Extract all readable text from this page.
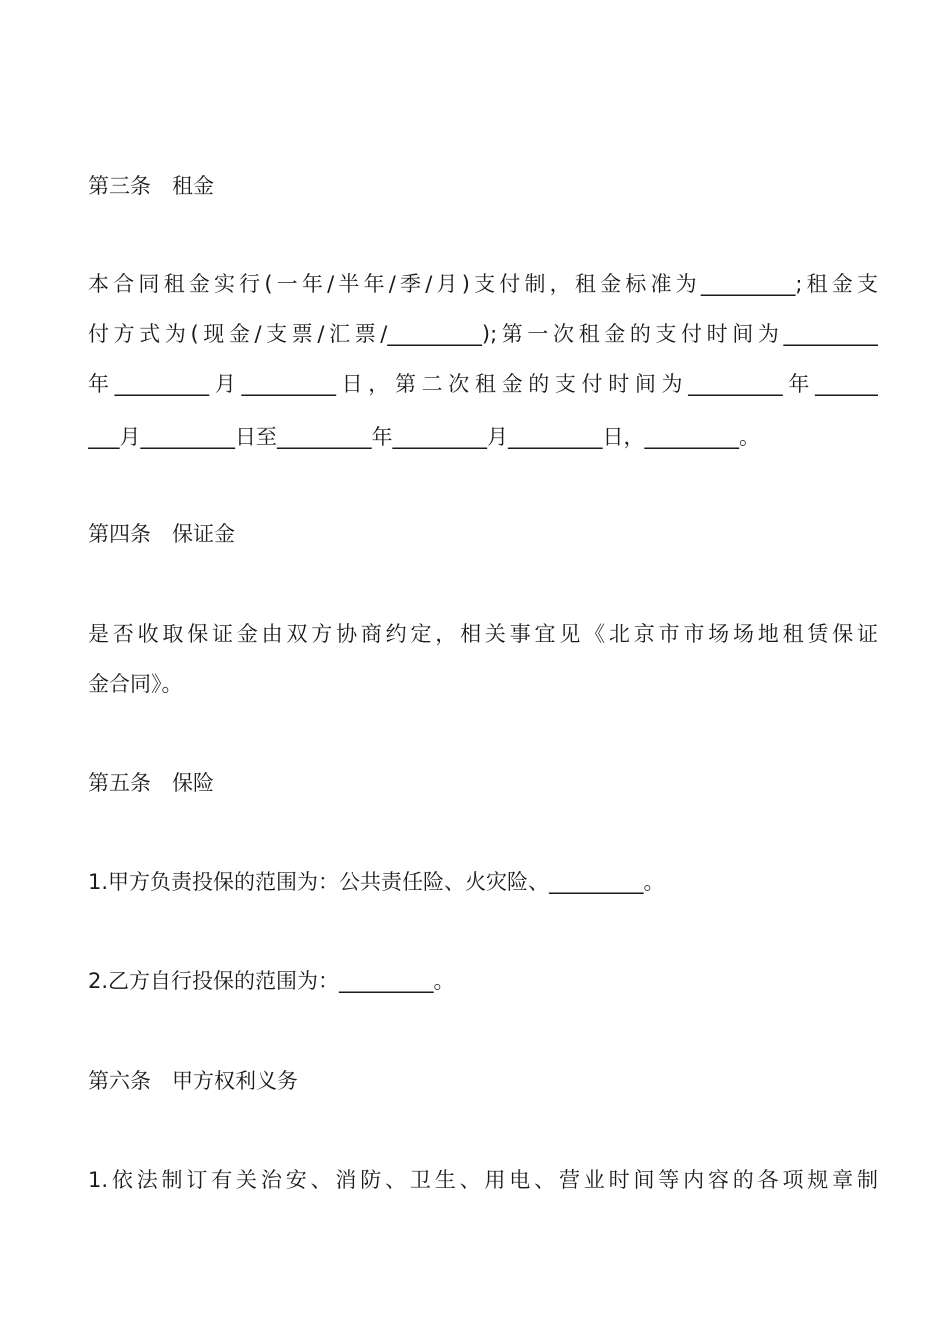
第三条　租金
本合同租金实行(一年/半年/季/月)支付制，租金标准为_________;租金支
付方式为(现金/支票/汇票/_________);第一次租金的支付时间为_________
年_________月_________日，第二次租金的支付时间为_________年______
___月_________日至_________年_________月_________日，_________。
第四条　保证金
是否收取保证金由双方协商约定，相关事宜见《北京市市场场地租赁保证
金合同》。
第五条　保险
1.甲方负责投保的范围为：公共责任险、火灾险、_________。
2.乙方自行投保的范围为：_________。
第六条　甲方权利义务
1.依法制订有关治安、消防、卫生、用电、营业时间等内容的各项规章制
